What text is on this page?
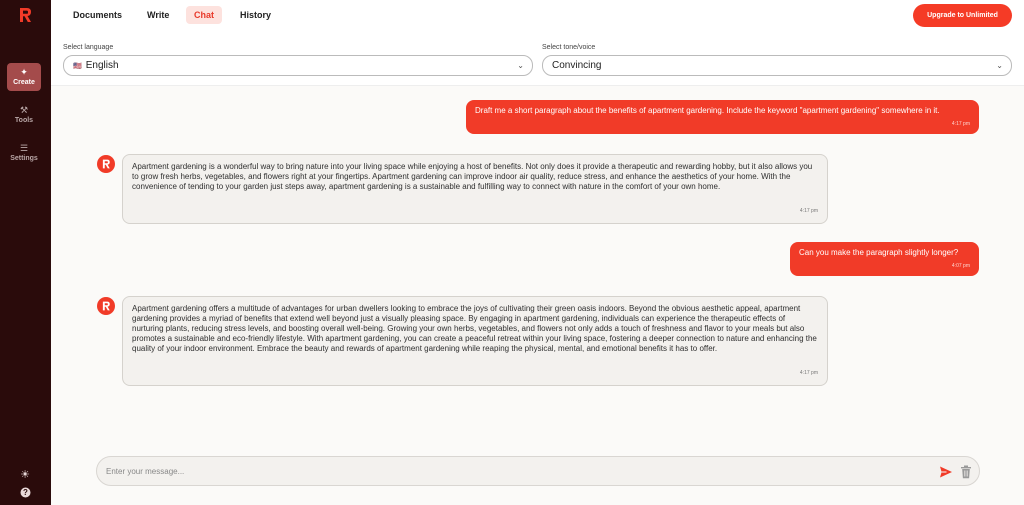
✦
Create
⚒
Tools
☰
Settings
☀
?
Documents	Write	Chat	History	Upgrade to Unlimited
Select language
🇺🇸 English	⌄
Select tone/voice
Convincing	⌄
Draft me a short paragraph about the benefits of apartment gardening. Include the keyword "apartment gardening" somewhere in it.
4:17 pm
Apartment gardening is a wonderful way to bring nature into your living space while enjoying a host of benefits. Not only does it provide a therapeutic and rewarding hobby, but it also allows you to grow fresh herbs, vegetables, and flowers right at your fingertips. Apartment gardening can improve indoor air quality, reduce stress, and enhance the aesthetics of your home. With the convenience of tending to your garden just steps away, apartment gardening is a sustainable and fulfilling way to connect with nature in the comfort of your own home.
4:17 pm
Can you make the paragraph slightly longer?
4:07 pm
Apartment gardening offers a multitude of advantages for urban dwellers looking to embrace the joys of cultivating their green oasis indoors. Beyond the obvious aesthetic appeal, apartment gardening provides a myriad of benefits that extend well beyond just a visually pleasing space. By engaging in apartment gardening, individuals can experience the therapeutic effects of nurturing plants, reducing stress levels, and boosting overall well-being. Growing your own herbs, vegetables, and flowers not only adds a touch of freshness and flavor to your meals but also promotes a sustainable and eco-friendly lifestyle. With apartment gardening, you can create a peaceful retreat within your living space, fostering a deeper connection to nature and enhancing the quality of your indoor environment. Embrace the beauty and rewards of apartment gardening while reaping the physical, mental, and emotional benefits it has to offer.
4:17 pm
Enter your message...
